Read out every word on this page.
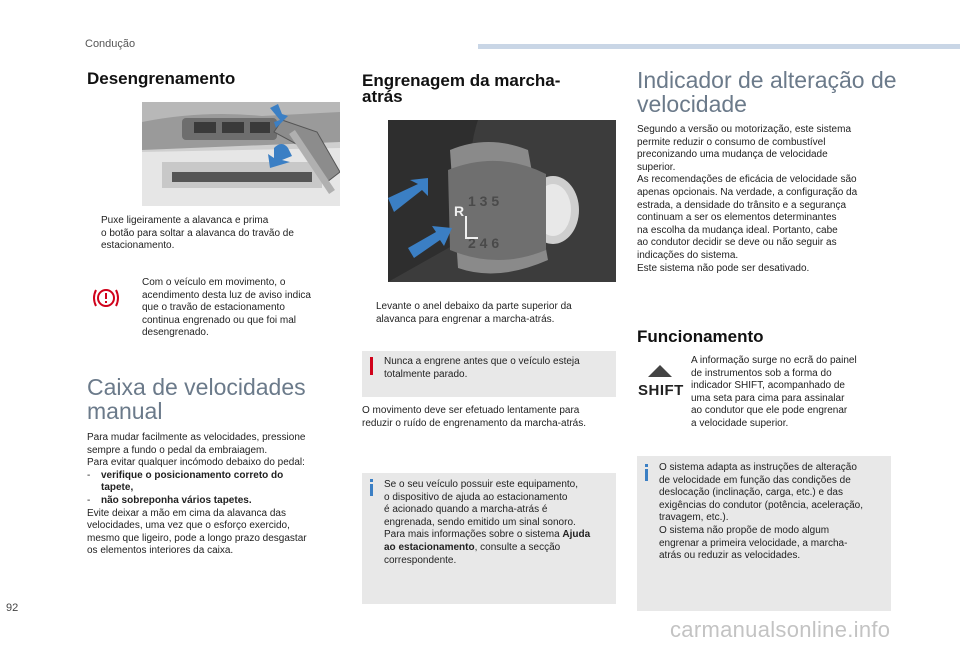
Condução
Desengrenamento
Puxe ligeiramente a alavanca e prima
o botão para soltar a alavanca do travão de
estacionamento.
Com o veículo em movimento, o
acendimento desta luz de aviso indica
que o travão de estacionamento
continua engrenado ou que foi mal
desengrenado.
Caixa de velocidades
manual
Para mudar facilmente as velocidades, pressione
sempre a fundo o pedal da embraiagem.
Para evitar qualquer incómodo debaixo do pedal:
- verifique o posicionamento correto do
tapete,
- não sobreponha vários tapetes.
Evite deixar a mão em cima da alavanca das
velocidades, uma vez que o esforço exercido,
mesmo que ligeiro, pode a longo prazo desgastar
os elementos interiores da caixa.
Engrenagem da marcha-
atrás
1 3 5
R
2 4 6
Levante o anel debaixo da parte superior da
alavanca para engrenar a marcha-atrás.
Nunca a engrene antes que o veículo esteja
totalmente parado.
O movimento deve ser efetuado lentamente para
reduzir o ruído de engrenamento da marcha-atrás.
Se o seu veículo possuir este equipamento,
o dispositivo de ajuda ao estacionamento
é acionado quando a marcha-atrás é
engrenada, sendo emitido um sinal sonoro.
Para mais informações sobre o sistema Ajuda
ao estacionamento, consulte a secção
correspondente.
Indicador de alteração de
velocidade
Segundo a versão ou motorização, este sistema
permite reduzir o consumo de combustível
preconizando uma mudança de velocidade
superior.
As recomendações de eficácia de velocidade são
apenas opcionais. Na verdade, a configuração da
estrada, a densidade do trânsito e a segurança
continuam a ser os elementos determinantes
na escolha da mudança ideal. Portanto, cabe
ao condutor decidir se deve ou não seguir as
indicações do sistema.
Este sistema não pode ser desativado.
Funcionamento
SHIFT
A informação surge no ecrã do painel
de instrumentos sob a forma do
indicador SHIFT, acompanhado de
uma seta para cima para assinalar
ao condutor que ele pode engrenar
a velocidade superior.
O sistema adapta as instruções de alteração
de velocidade em função das condições de
deslocação (inclinação, carga, etc.) e das
exigências do condutor (potência, aceleração,
travagem, etc.).
O sistema não propõe de modo algum
engrenar a primeira velocidade, a marcha-
atrás ou reduzir as velocidades.
92
carmanualsonline.info
